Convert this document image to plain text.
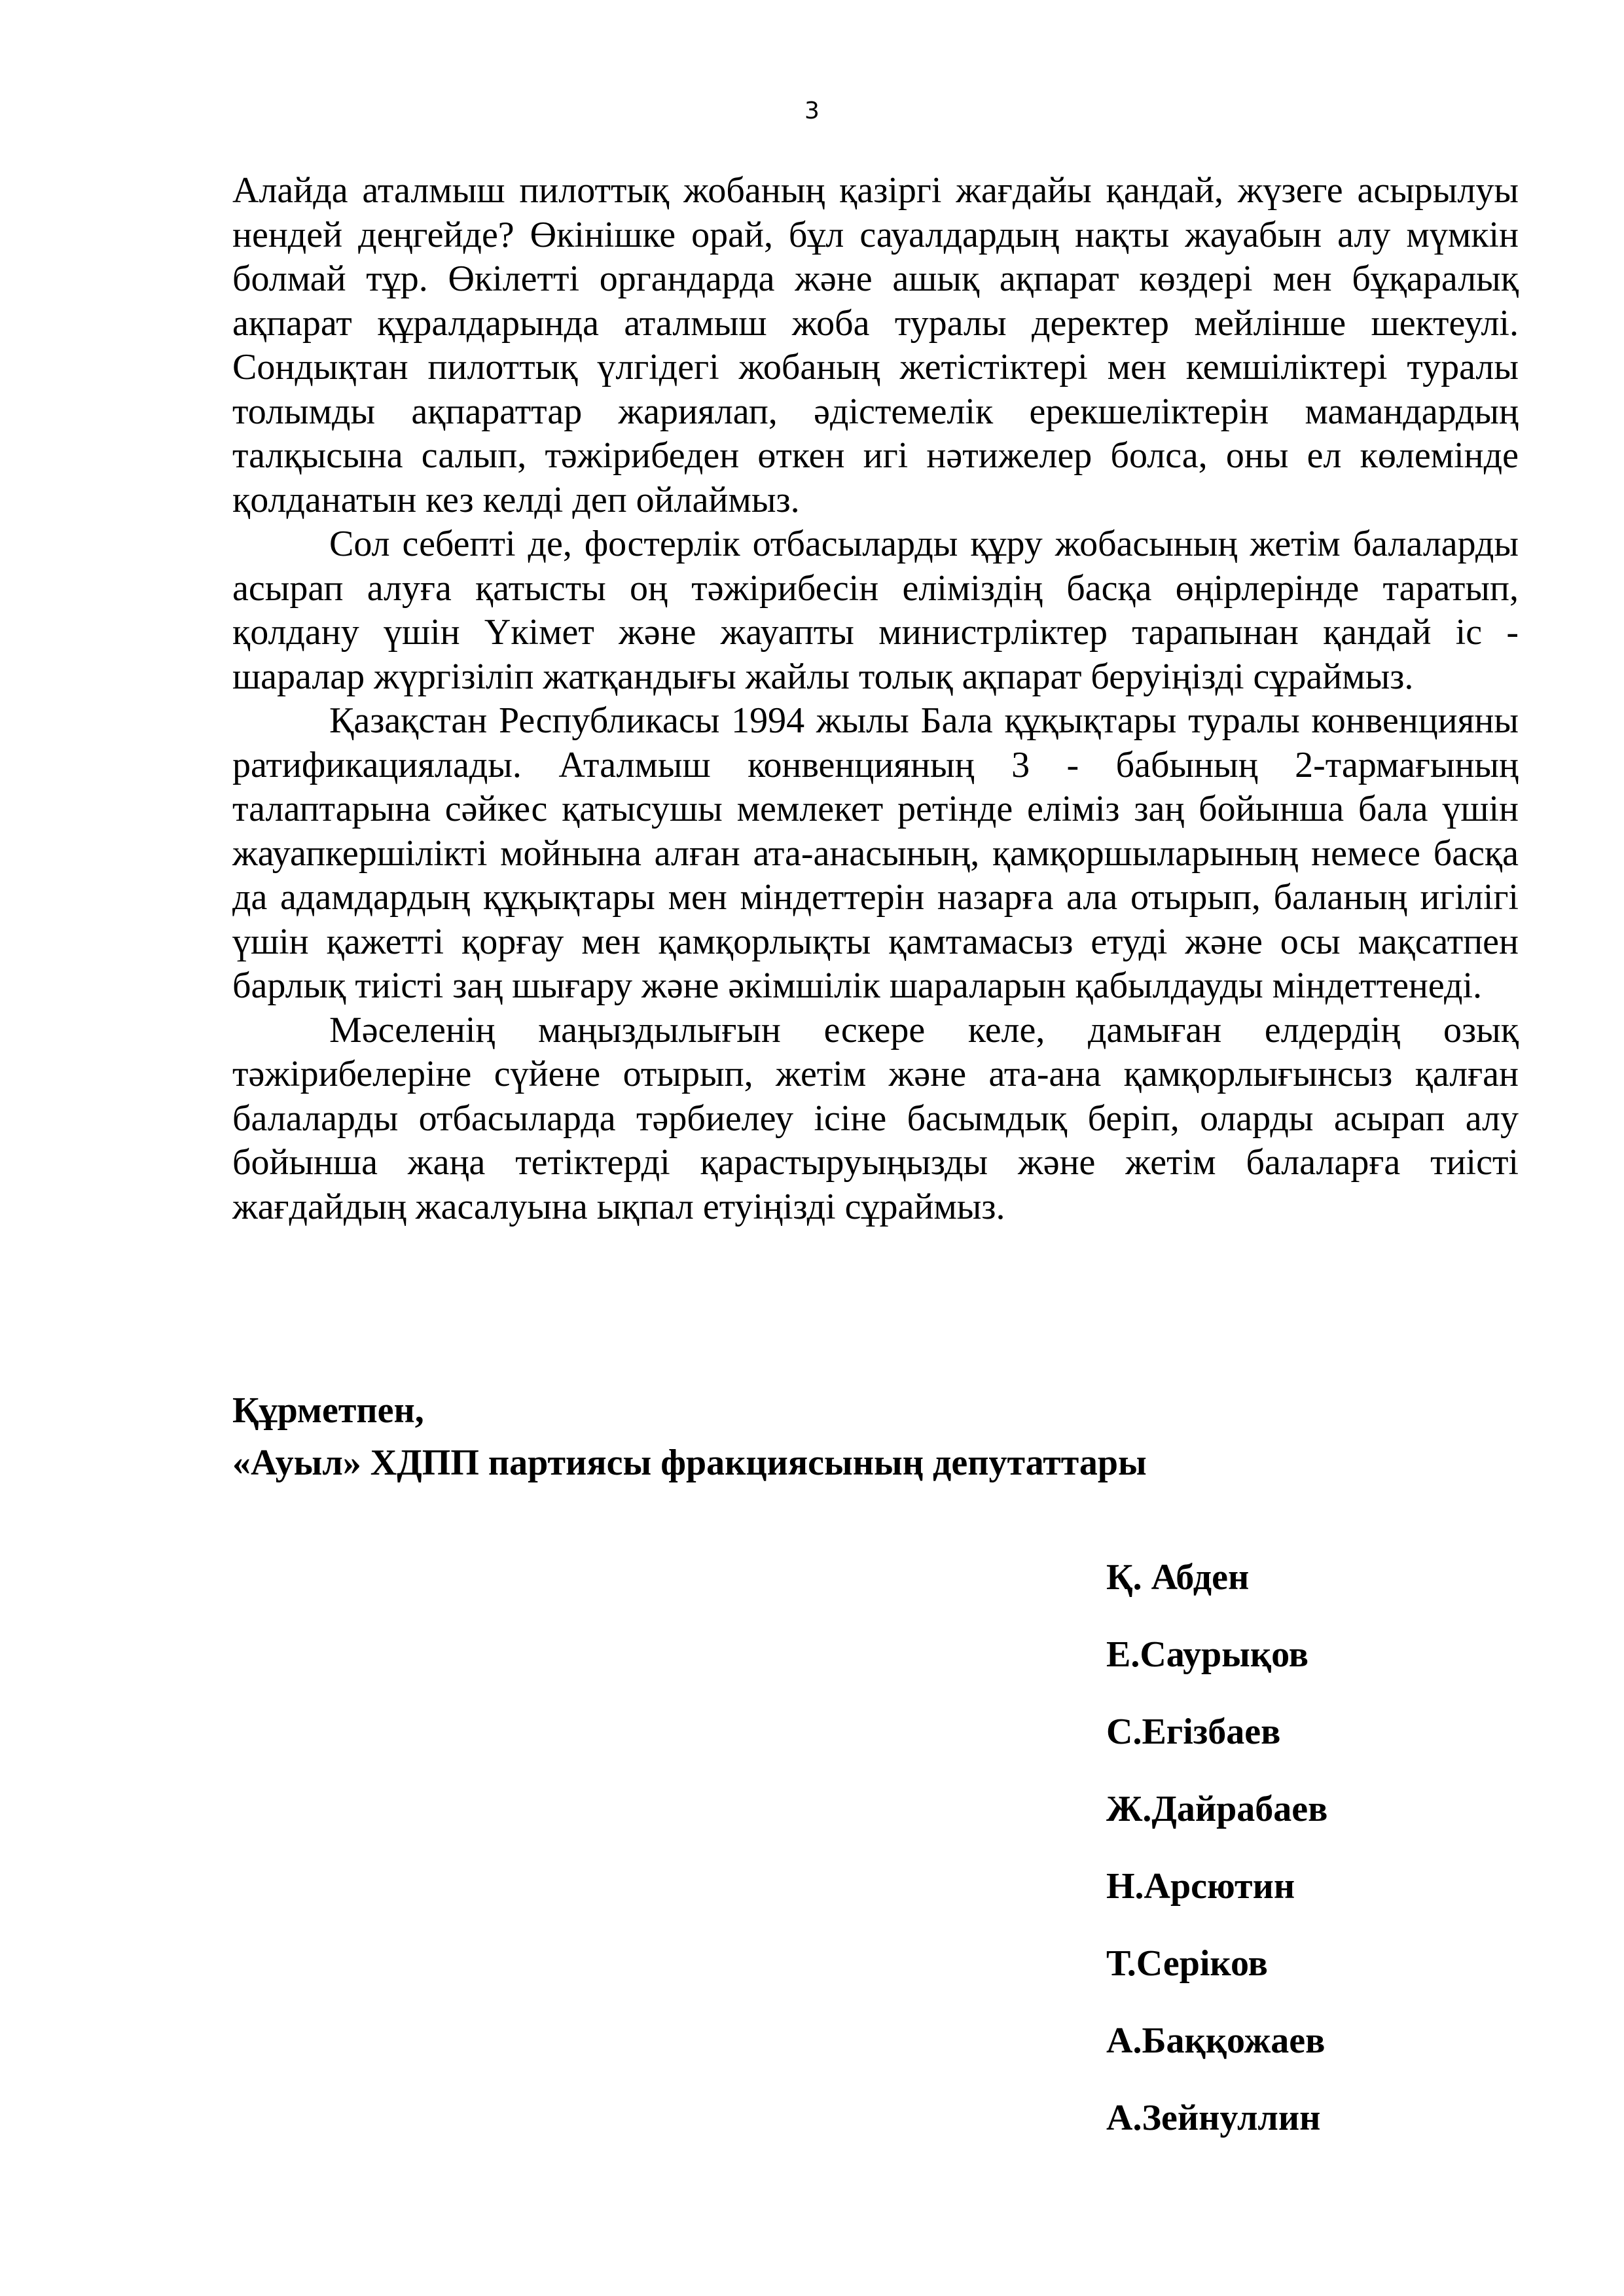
3

Алайда аталмыш пилоттық жобаның қазіргі жағдайы қандай, жүзеге асырылуы нендей деңгейде? Өкінішке орай, бұл сауалдардың нақты жауабын алу мүмкін болмай тұр. Өкілетті органдарда және ашық ақпарат көздері мен бұқаралық ақпарат құралдарында аталмыш жоба туралы деректер мейлінше шектеулі. Сондықтан пилоттық үлгідегі жобаның жетістіктері мен кемшіліктері туралы толымды ақпараттар жариялап, әдістемелік ерекшеліктерін мамандардың талқысына салып, тәжірибеден өткен игі нәтижелер болса, оны ел көлемінде қолданатын кез келді деп ойлаймыз.

Сол себепті де, фостерлік отбасыларды құру жобасының жетім балаларды асырап алуға қатысты оң тәжірибесін еліміздің басқа өңірлерінде таратып, қолдану үшін Үкімет және жауапты министрліктер тарапынан қандай іс - шаралар жүргізіліп жатқандығы жайлы толық ақпарат беруіңізді сұраймыз.

Қазақстан Республикасы 1994 жылы Бала құқықтары туралы конвенцияны ратификациялады. Аталмыш конвенцияның 3 - бабының 2-тармағының талаптарына сәйкес қатысушы мемлекет ретінде еліміз заң бойынша бала үшін жауапкершілікті мойнына алған ата-анасының, қамқоршыларының немесе басқа да адамдардың құқықтары мен міндеттерін назарға ала отырып, баланың игілігі үшін қажетті қорғау мен қамқорлықты қамтамасыз етуді және осы мақсатпен барлық тиісті заң шығару және әкімшілік шараларын қабылдауды міндеттенеді.

Мәселенің маңыздылығын ескере келе, дамыған елдердің озық тәжірибелеріне сүйене отырып, жетім және ата-ана қамқорлығынсыз қалған балаларды отбасыларда тәрбиелеу ісіне басымдық беріп, оларды асырап алу бойынша жаңа тетіктерді қарастыруыңызды және жетім балаларға тиісті жағдайдың жасалуына ықпал етуіңізді сұраймыз.

Құрметпен,
«Ауыл» ХДПП партиясы фракциясының депутаттары
Қ. Абден
Е.Саурықов
С.Егізбаев
Ж.Дайрабаев
Н.Арсютин
Т.Серіков
А.Баққожаев
А.Зейнуллин
